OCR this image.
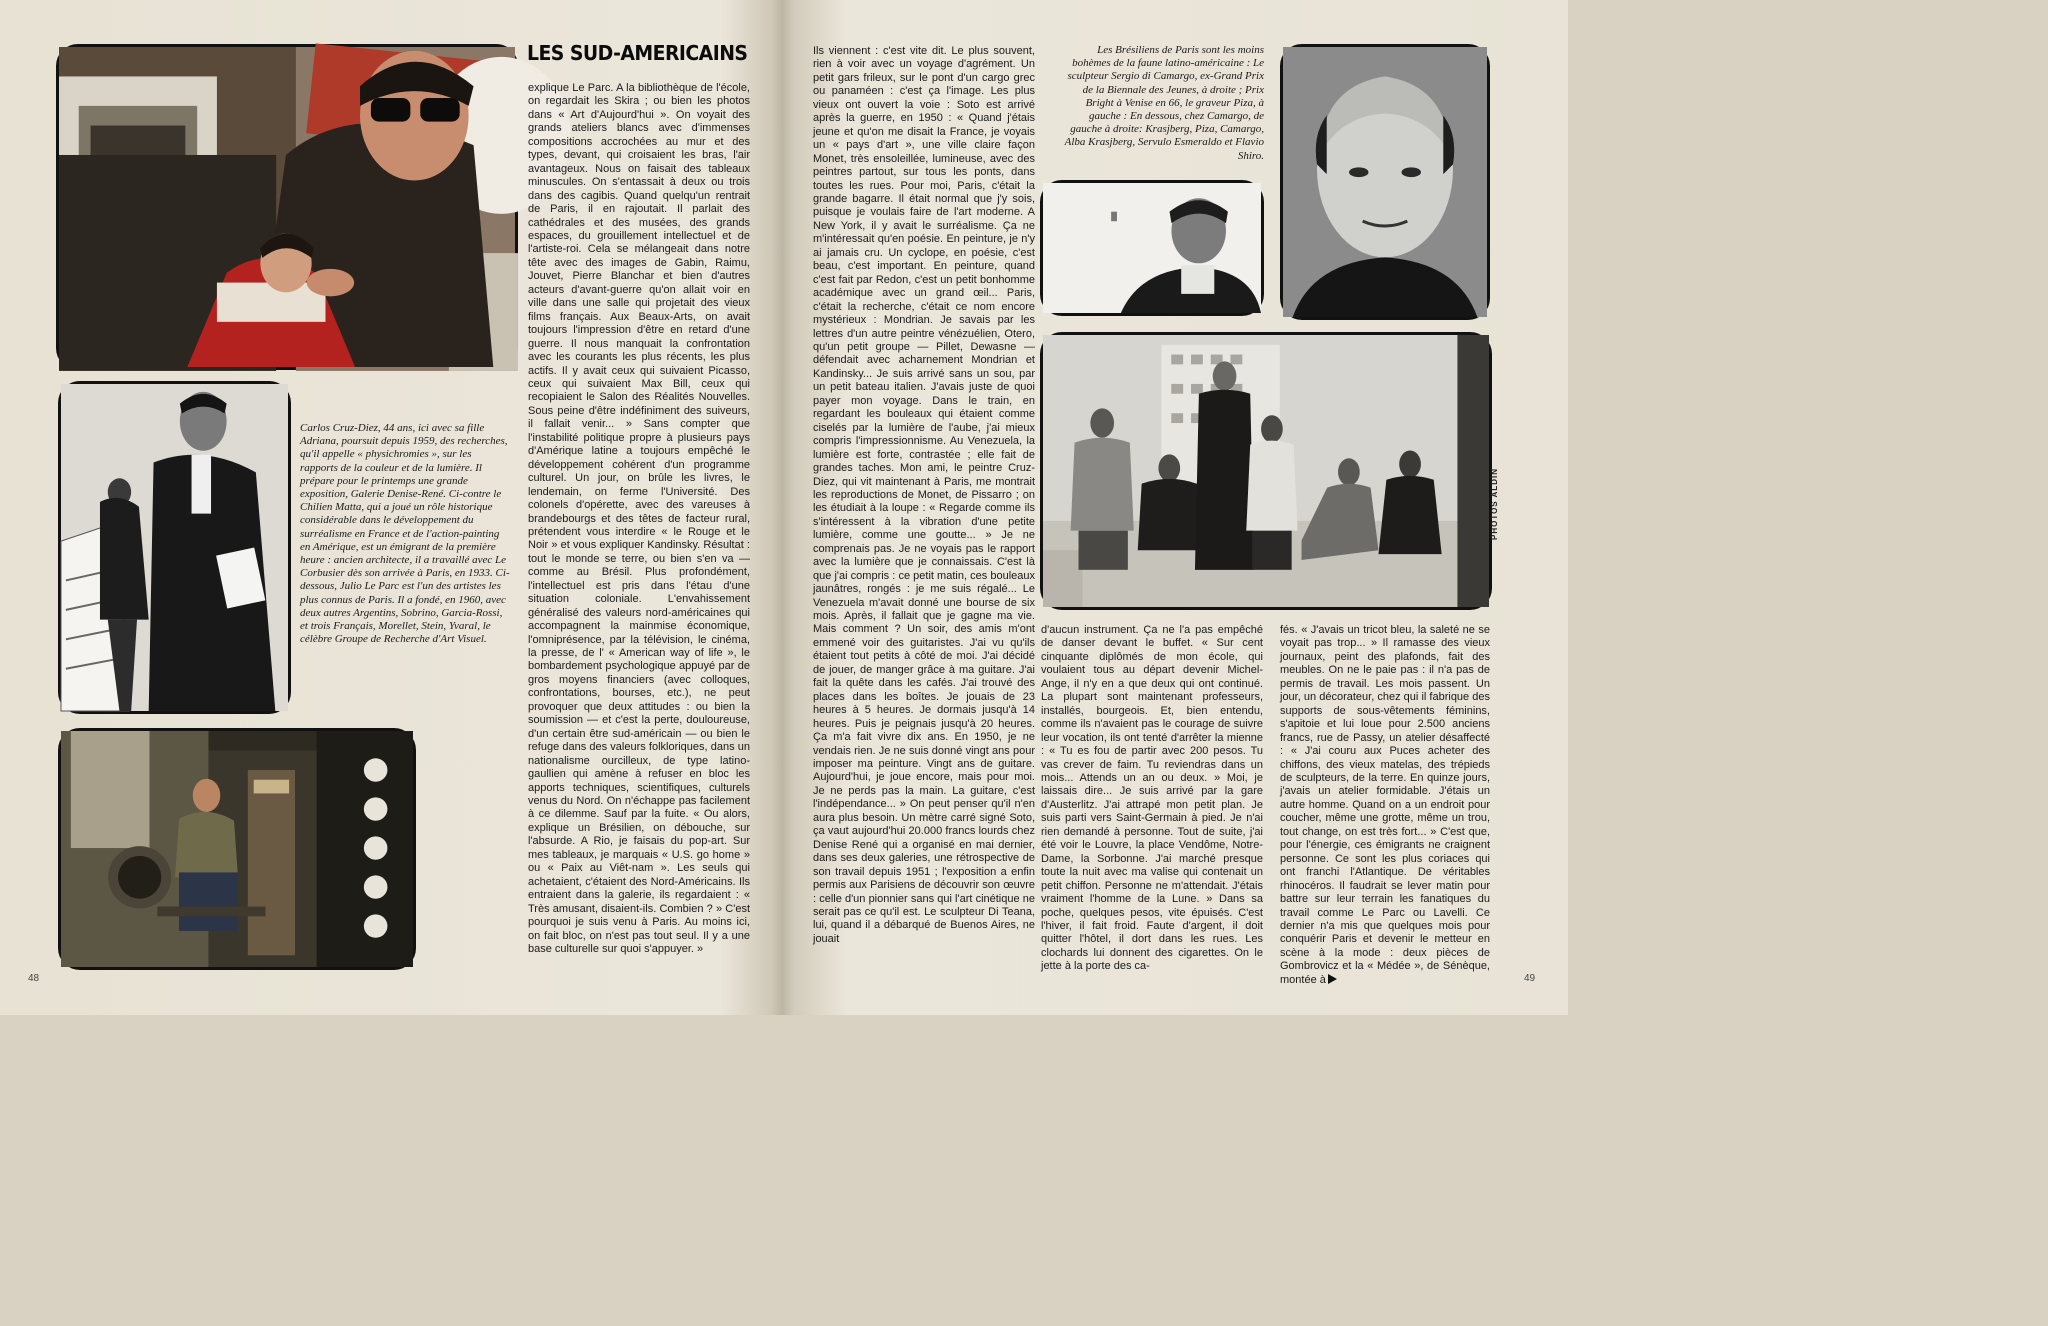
Carlos Cruz-Diez, 44 ans, ici avec sa fille Adriana, poursuit depuis 1959, des recherches, qu'il appelle « physichromies », sur les rapports de la couleur et de la lumière. Il prépare pour le printemps une grande exposition, Galerie Denise-René. Ci-contre le Chilien Matta, qui a joué un rôle historique considérable dans le développement du surréalisme en France et de l'action-painting en Amérique, est un émigrant de la première heure : ancien architecte, il a travaillé avec Le Corbusier dès son arrivée à Paris, en 1933. Ci-dessous, Julio Le Parc est l'un des artistes les plus connus de Paris. Il a fondé, en 1960, avec deux autres Argentins, Sobrino, Garcia-Rossi, et trois Français, Morellet, Stein, Yvaral, le célèbre Groupe de Recherche d'Art Visuel.

LES SUD-AMERICAINS

explique Le Parc. A la bibliothèque de l'école, on regardait les Skira ; ou bien les photos dans « Art d'Aujourd'hui ». On voyait des grands ateliers blancs avec d'immenses compositions accrochées au mur et des types, devant, qui croisaient les bras, l'air avantageux. Nous on faisait des tableaux minuscules. On s'entassait à deux ou trois dans des cagibis. Quand quelqu'un rentrait de Paris, il en rajoutait. Il parlait des cathédrales et des musées, des grands espaces, du grouillement intellectuel et de l'artiste-roi. Cela se mélangeait dans notre tête avec des images de Gabin, Raimu, Jouvet, Pierre Blanchar et bien d'autres acteurs d'avant-guerre qu'on allait voir en ville dans une salle qui projetait des vieux films français. Aux Beaux-Arts, on avait toujours l'impression d'être en retard d'une guerre. Il nous manquait la confrontation avec les courants les plus récents, les plus actifs. Il y avait ceux qui suivaient Picasso, ceux qui suivaient Max Bill, ceux qui recopiaient le Salon des Réalités Nouvelles. Sous peine d'être indéfiniment des suiveurs, il fallait venir... » Sans compter que l'instabilité politique propre à plusieurs pays d'Amérique latine a toujours empêché le développement cohérent d'un programme culturel. Un jour, on brûle les livres, le lendemain, on ferme l'Université. Des colonels d'opérette, avec des vareuses à brandebourgs et des têtes de facteur rural, prétendent vous interdire « le Rouge et le Noir » et vous expliquer Kandinsky. Résultat : tout le monde se terre, ou bien s'en va — comme au Brésil. Plus profondément, l'intellectuel est pris dans l'étau d'une situation coloniale. L'envahissement généralisé des valeurs nord-américaines qui accompagnent la mainmise économique, l'omniprésence, par la télévision, le cinéma, la presse, de l' « American way of life », le bombardement psychologique appuyé par de gros moyens financiers (avec colloques, confrontations, bourses, etc.), ne peut provoquer que deux attitudes : ou bien la soumission — et c'est la perte, douloureuse, d'un certain être sud-américain — ou bien le refuge dans des valeurs folkloriques, dans un nationalisme ourcilleux, de type latino-gaullien qui amène à refuser en bloc les apports techniques, scientifiques, culturels venus du Nord. On n'échappe pas facilement à ce dilemme. Sauf par la fuite. « Ou alors, explique un Brésilien, on débouche, sur l'absurde. A Rio, je faisais du pop-art. Sur mes tableaux, je marquais « U.S. go home » ou « Paix au Viêt-nam ». Les seuls qui achetaient, c'étaient des Nord-Américains. Ils entraient dans la galerie, ils regardaient : « Très amusant, disaient-ils. Combien ? » C'est pourquoi je suis venu à Paris. Au moins ici, on fait bloc, on n'est pas tout seul. Il y a une base culturelle sur quoi s'appuyer. »

Ils viennent : c'est vite dit. Le plus souvent, rien à voir avec un voyage d'agrément. Un petit gars frileux, sur le pont d'un cargo grec ou panaméen : c'est ça l'image. Les plus vieux ont ouvert la voie : Soto est arrivé après la guerre, en 1950 : « Quand j'étais jeune et qu'on me disait la France, je voyais un « pays d'art », une ville claire façon Monet, très ensoleillée, lumineuse, avec des peintres partout, sur tous les ponts, dans toutes les rues. Pour moi, Paris, c'était la grande bagarre. Il était normal que j'y sois, puisque je voulais faire de l'art moderne. A New York, il y avait le surréalisme. Ça ne m'intéressait qu'en poésie. En peinture, je n'y ai jamais cru. Un cyclope, en poésie, c'est beau, c'est important. En peinture, quand c'est fait par Redon, c'est un petit bonhomme académique avec un grand œil... Paris, c'était la recherche, c'était ce nom encore mystérieux : Mondrian. Je savais par les lettres d'un autre peintre vénézuélien, Otero, qu'un petit groupe — Pillet, Dewasne — défendait avec acharnement Mondrian et Kandinsky... Je suis arrivé sans un sou, par un petit bateau italien. J'avais juste de quoi payer mon voyage. Dans le train, en regardant les bouleaux qui étaient comme ciselés par la lumière de l'aube, j'ai mieux compris l'impressionnisme. Au Venezuela, la lumière est forte, contrastée ; elle fait de grandes taches. Mon ami, le peintre Cruz-Diez, qui vit maintenant à Paris, me montrait les reproductions de Monet, de Pissarro ; on les étudiait à la loupe : « Regarde comme ils s'intéressent à la vibration d'une petite lumière, comme une goutte... » Je ne comprenais pas. Je ne voyais pas le rapport avec la lumière que je connaissais. C'est là que j'ai compris : ce petit matin, ces bouleaux jaunâtres, rongés : je me suis régalé... Le Venezuela m'avait donné une bourse de six mois. Après, il fallait que je gagne ma vie. Mais comment ? Un soir, des amis m'ont emmené voir des guitaristes. J'ai vu qu'ils étaient tout petits à côté de moi. J'ai décidé de jouer, de manger grâce à ma guitare. J'ai fait la quête dans les cafés. J'ai trouvé des places dans les boîtes. Je jouais de 23 heures à 5 heures. Je dormais jusqu'à 14 heures. Puis je peignais jusqu'à 20 heures. Ça m'a fait vivre dix ans. En 1950, je ne vendais rien. Je ne suis donné vingt ans pour imposer ma peinture. Vingt ans de guitare. Aujourd'hui, je joue encore, mais pour moi. Je ne perds pas la main. La guitare, c'est l'indépendance... » On peut penser qu'il n'en aura plus besoin. Un mètre carré signé Soto, ça vaut aujourd'hui 20.000 francs lourds chez Denise René qui a organisé en mai dernier, dans ses deux galeries, une rétrospective de son travail depuis 1951 ; l'exposition a enfin permis aux Parisiens de découvrir son œuvre : celle d'un pionnier sans qui l'art cinétique ne serait pas ce qu'il est. Le sculpteur Di Teana, lui, quand il a débarqué de Buenos Aires, ne jouait

Les Brésiliens de Paris sont les moins bohèmes de la faune latino-américaine : Le sculpteur Sergio di Camargo, ex-Grand Prix de la Biennale des Jeunes, à droite ; Prix Bright à Venise en 66, le graveur Piza, à gauche : En dessous, chez Camargo, de gauche à droite: Krasjberg, Piza, Camargo, Alba Krasjberg, Servulo Esmeraldo et Flavio Shiro.

PHOTOS ALDIN

d'aucun instrument. Ça ne l'a pas empêché de danser devant le buffet. « Sur cent cinquante diplômés de mon école, qui voulaient tous au départ devenir Michel-Ange, il n'y en a que deux qui ont continué. La plupart sont maintenant professeurs, installés, bourgeois. Et, bien entendu, comme ils n'avaient pas le courage de suivre leur vocation, ils ont tenté d'arrêter la mienne : « Tu es fou de partir avec 200 pesos. Tu vas crever de faim. Tu reviendras dans un mois... Attends un an ou deux. » Moi, je laissais dire... Je suis arrivé par la gare d'Austerlitz. J'ai attrapé mon petit plan. Je suis parti vers Saint-Germain à pied. Je n'ai rien demandé à personne. Tout de suite, j'ai été voir le Louvre, la place Vendôme, Notre-Dame, la Sorbonne. J'ai marché presque toute la nuit avec ma valise qui contenait un petit chiffon. Personne ne m'attendait. J'étais vraiment l'homme de la Lune. » Dans sa poche, quelques pesos, vite épuisés. C'est l'hiver, il fait froid. Faute d'argent, il doit quitter l'hôtel, il dort dans les rues. Les clochards lui donnent des cigarettes. On le jette à la porte des ca-

fés. « J'avais un tricot bleu, la saleté ne se voyait pas trop... » Il ramasse des vieux journaux, peint des plafonds, fait des meubles. On ne le paie pas : il n'a pas de permis de travail. Les mois passent. Un jour, un décorateur, chez qui il fabrique des supports de sous-vêtements féminins, s'apitoie et lui loue pour 2.500 anciens francs, rue de Passy, un atelier désaffecté : « J'ai couru aux Puces acheter des chiffons, des vieux matelas, des trépieds de sculpteurs, de la terre. En quinze jours, j'avais un atelier formidable. J'étais un autre homme. Quand on a un endroit pour coucher, même une grotte, même un trou, tout change, on est très fort... » C'est que, pour l'énergie, ces émigrants ne craignent personne. Ce sont les plus coriaces qui ont franchi l'Atlantique. De véritables rhinocéros. Il faudrait se lever matin pour battre sur leur terrain les fanatiques du travail comme Le Parc ou Lavelli. Ce dernier n'a mis que quelques mois pour conquérir Paris et devenir le metteur en scène à la mode : deux pièces de Gombrovicz et la « Médée », de Sénèque, montée à

48	49
